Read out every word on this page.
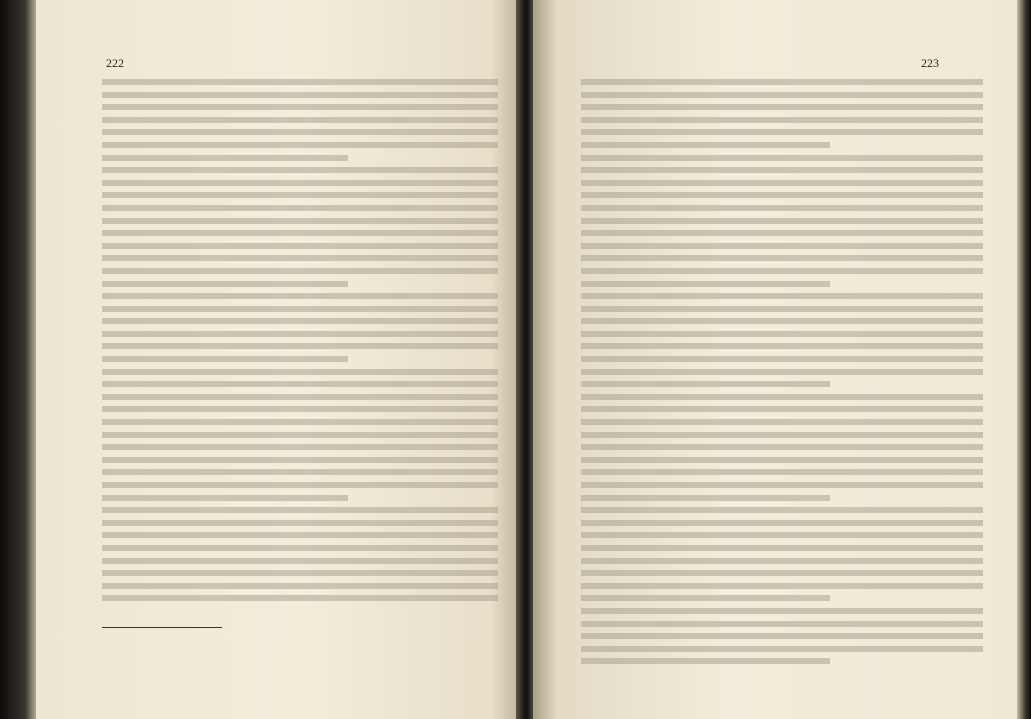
222	223
